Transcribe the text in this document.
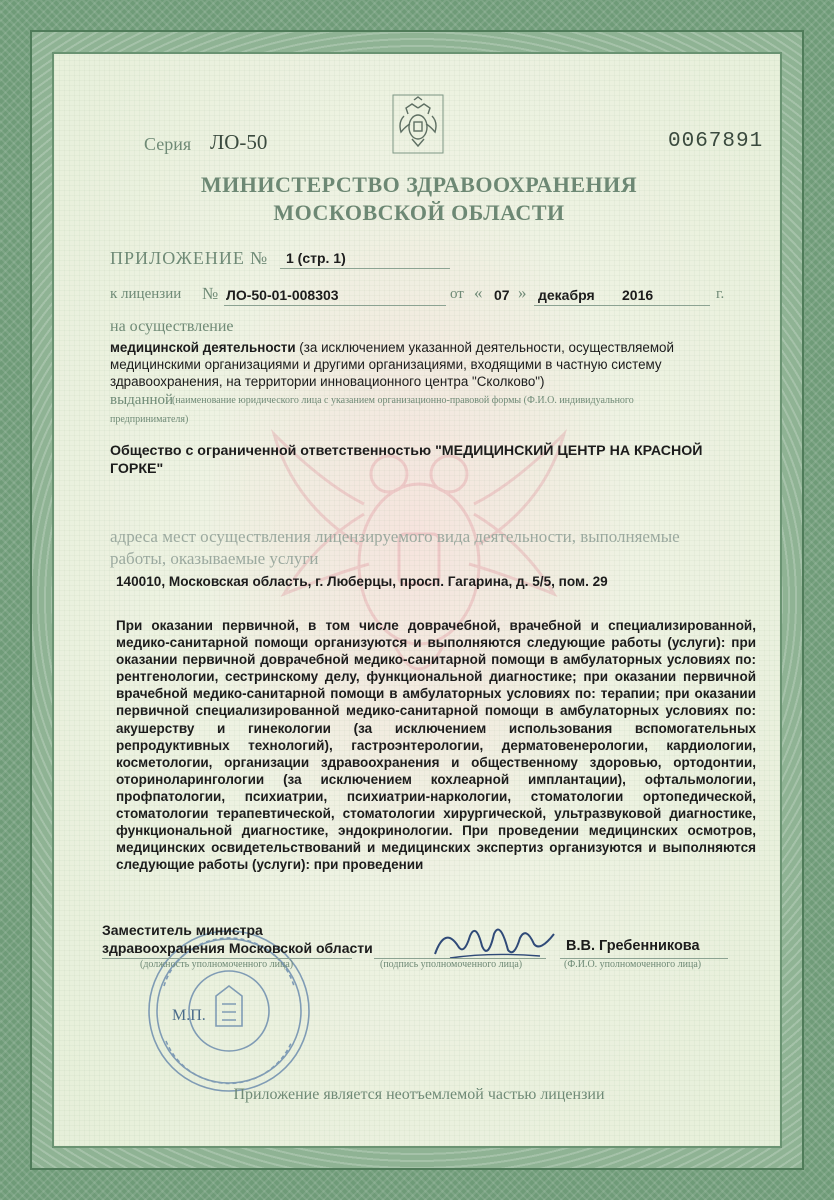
Серия ЛО-50	0067891
МИНИСТЕРСТВО ЗДРАВООХРАНЕНИЯ
МОСКОВСКОЙ ОБЛАСТИ
ПРИЛОЖЕНИЕ № 1 (стр. 1)
к лицензии № ЛО-50-01-008303	от « 07 » декабря 2016	г.
на осуществление
медицинской деятельности (за исключением указанной деятельности, осуществляемой медицинскими организациями и другими организациями, входящими в частную систему здравоохранения, на территории инновационного центра "Сколково")
выданной
(наименование юридического лица с указанием организационно-правовой формы (Ф.И.О. индивидуального
предпринимателя)
Общество с ограниченной ответственностью "МЕДИЦИНСКИЙ ЦЕНТР НА КРАСНОЙ ГОРКЕ"
адреса мест осуществления лицензируемого вида деятельности, выполняемые работы, оказываемые услуги
140010, Московская область, г. Люберцы, просп. Гагарина, д. 5/5, пом. 29
При оказании первичной, в том числе доврачебной, врачебной и специализированной, медико-санитарной помощи организуются и выполняются следующие работы (услуги): при оказании первичной доврачебной медико-санитарной помощи в амбулаторных условиях по: рентгенологии, сестринскому делу, функциональной диагностике; при оказании первичной врачебной медико-санитарной помощи в амбулаторных условиях по: терапии; при оказании первичной специализированной медико-санитарной помощи в амбулаторных условиях по: акушерству и гинекологии (за исключением использования вспомогательных репродуктивных технологий), гастроэнтерологии, дерматовенерологии, кардиологии, косметологии, организации здравоохранения и общественному здоровью, ортодонтии, оториноларингологии (за исключением кохлеарной имплантации), офтальмологии, профпатологии, психиатрии, психиатрии-наркологии, стоматологии ортопедической, стоматологии терапевтической, стоматологии хирургической, ультразвуковой диагностике, функциональной диагностике, эндокринологии. При проведении медицинских осмотров, медицинских освидетельствований и медицинских экспертиз организуются и выполняются следующие работы (услуги): при проведении
Заместитель министра
здравоохранения Московской области	В.В. Гребенникова
(должность уполномоченного лица)	(подпись уполномоченного лица)	(Ф.И.О. уполномоченного лица)
М.П.
Приложение является неотъемлемой частью лицензии
